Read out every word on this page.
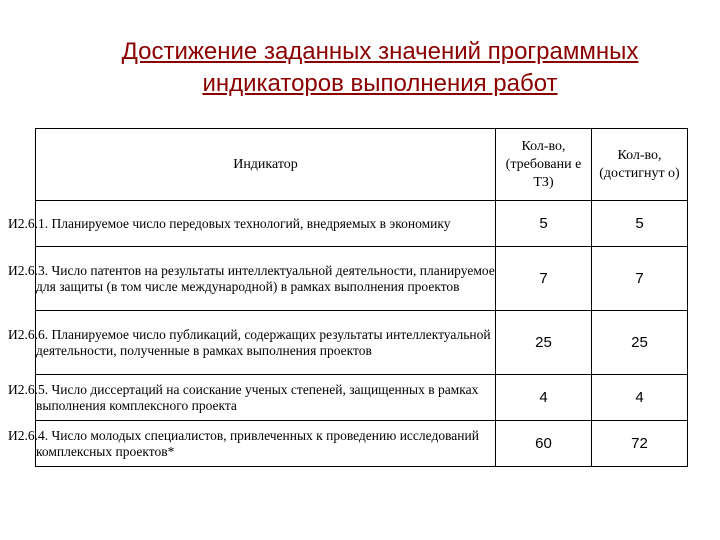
Достижение заданных значений программных
индикаторов выполнения работ
Индикатор	Кол-во, (требовани е ТЗ)	Кол-во, (достигнут о)
И2.6.1. Планируемое число передовых технологий, внедряемых в экономику	5	5
И2.6.3. Число патентов на результаты интеллектуальной деятельности, планируемое для защиты (в том числе международной) в рамках выполнения проектов	7	7
И2.6.6. Планируемое число публикаций, содержащих результаты интеллектуальной деятельности, полученные в рамках выполнения проектов	25	25
И2.6.5. Число диссертаций на соискание ученых степеней, защищенных в рамках выполнения комплексного проекта	4	4
И2.6.4. Число молодых специалистов, привлеченных к проведению исследований комплексных проектов*	60	72
